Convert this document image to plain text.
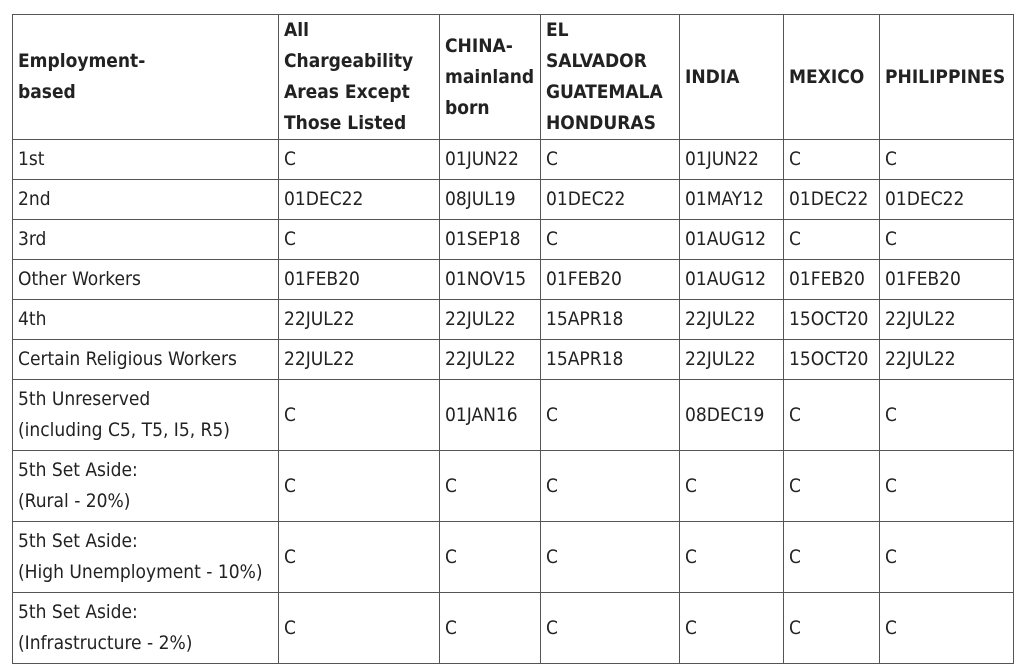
Employment-
based	All Chargeability
Areas Except
Those Listed	CHINA-
mainland
born	EL SALVADOR
GUATEMALA
HONDURAS	INDIA	MEXICO	PHILIPPINES

1st	C	01JUN22	C	01JUN22	C	C

2nd	01DEC22	08JUL19	01DEC22	01MAY12	01DEC22	01DEC22

3rd	C	01SEP18	C	01AUG12	C	C

Other Workers	01FEB20	01NOV15	01FEB20	01AUG12	01FEB20	01FEB20

4th	22JUL22	22JUL22	15APR18	22JUL22	15OCT20	22JUL22

Certain Religious Workers	22JUL22	22JUL22	15APR18	22JUL22	15OCT20	22JUL22

5th Unreserved
(including C5, T5, I5, R5)	C	01JAN16	C	08DEC19	C	C

5th Set Aside:
(Rural - 20%)	C	C	C	C	C	C

5th Set Aside:
(High Unemployment - 10%)	C	C	C	C	C	C

5th Set Aside:
(Infrastructure - 2%)	C	C	C	C	C	C
